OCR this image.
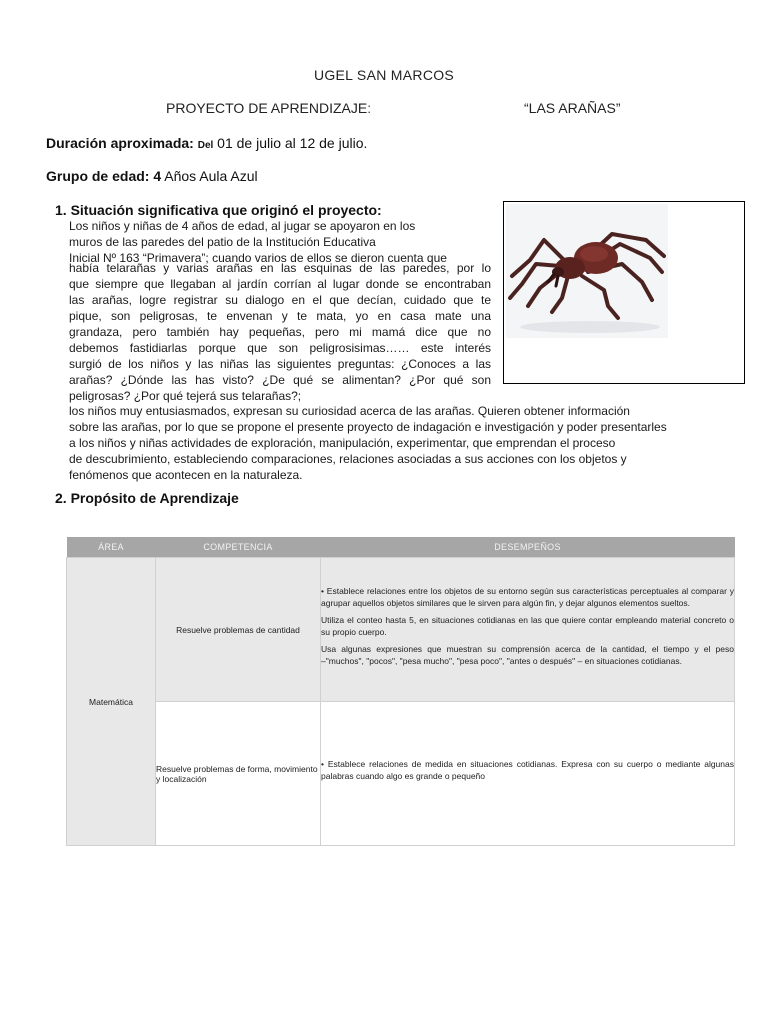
UGEL SAN MARCOS
PROYECTO DE APRENDIZAJE:	“LAS ARAÑAS”
Duración aproximada: Del 01 de julio al 12 de julio.
Grupo de edad: 4 Años Aula Azul
1. Situación significativa que originó el proyecto:
Los niños y niñas de 4 años de edad, al jugar se apoyaron en los
muros de las paredes del patio de la Institución Educativa
Inicial Nº 163 “Primavera”; cuando varios de ellos se dieron cuenta que
había telarañas y varias arañas en las esquinas de las paredes, por lo
que siempre que llegaban al jardín corrían al lugar donde se encontraban
las arañas, logre registrar su dialogo en el que decían, cuidado que te
pique, son peligrosas, te envenan y te mata, yo en casa mate una
grandaza, pero también hay pequeñas, pero mi mamá dice que no
debemos fastidiarlas porque que son peligrosisimas…… este interés
surgió de los niños y las niñas las siguientes preguntas: ¿Conoces a las
arañas? ¿Dónde las has visto? ¿De qué se alimentan? ¿Por qué son
peligrosas? ¿Por qué tejerá sus telarañas?;
los niños muy entusiasmados, expresan su curiosidad acerca de las arañas. Quieren obtener información
sobre las arañas, por lo que se propone el presente proyecto de indagación e investigación y poder presentarles
a los niños y niñas actividades de exploración, manipulación, experimentar, que emprendan el proceso
de descubrimiento, estableciendo comparaciones, relaciones asociadas a sus acciones con los objetos y
fenómenos que acontecen en la naturaleza.
2. Propósito de Aprendizaje
ÁREA	COMPETENCIA	DESEMPEÑOS
Matemática	Resuelve problemas de cantidad	• Establece relaciones entre los objetos de su entorno según sus características perceptuales al comparar y agrupar aquellos objetos similares que le sirven para algún fin, y dejar algunos elementos sueltos.

Utiliza el conteo hasta 5, en situaciones cotidianas en las que quiere contar empleando material concreto o su propio cuerpo.

Usa algunas expresiones que muestran su comprensión acerca de la cantidad, el tiempo y el peso –"muchos", "pocos", "pesa mucho", "pesa poco", "antes o después" – en situaciones cotidianas.

	Resuelve problemas de forma, movimiento y localización	• Establece relaciones de medida en situaciones cotidianas. Expresa con su cuerpo o mediante algunas palabras cuando algo es grande o pequeño
